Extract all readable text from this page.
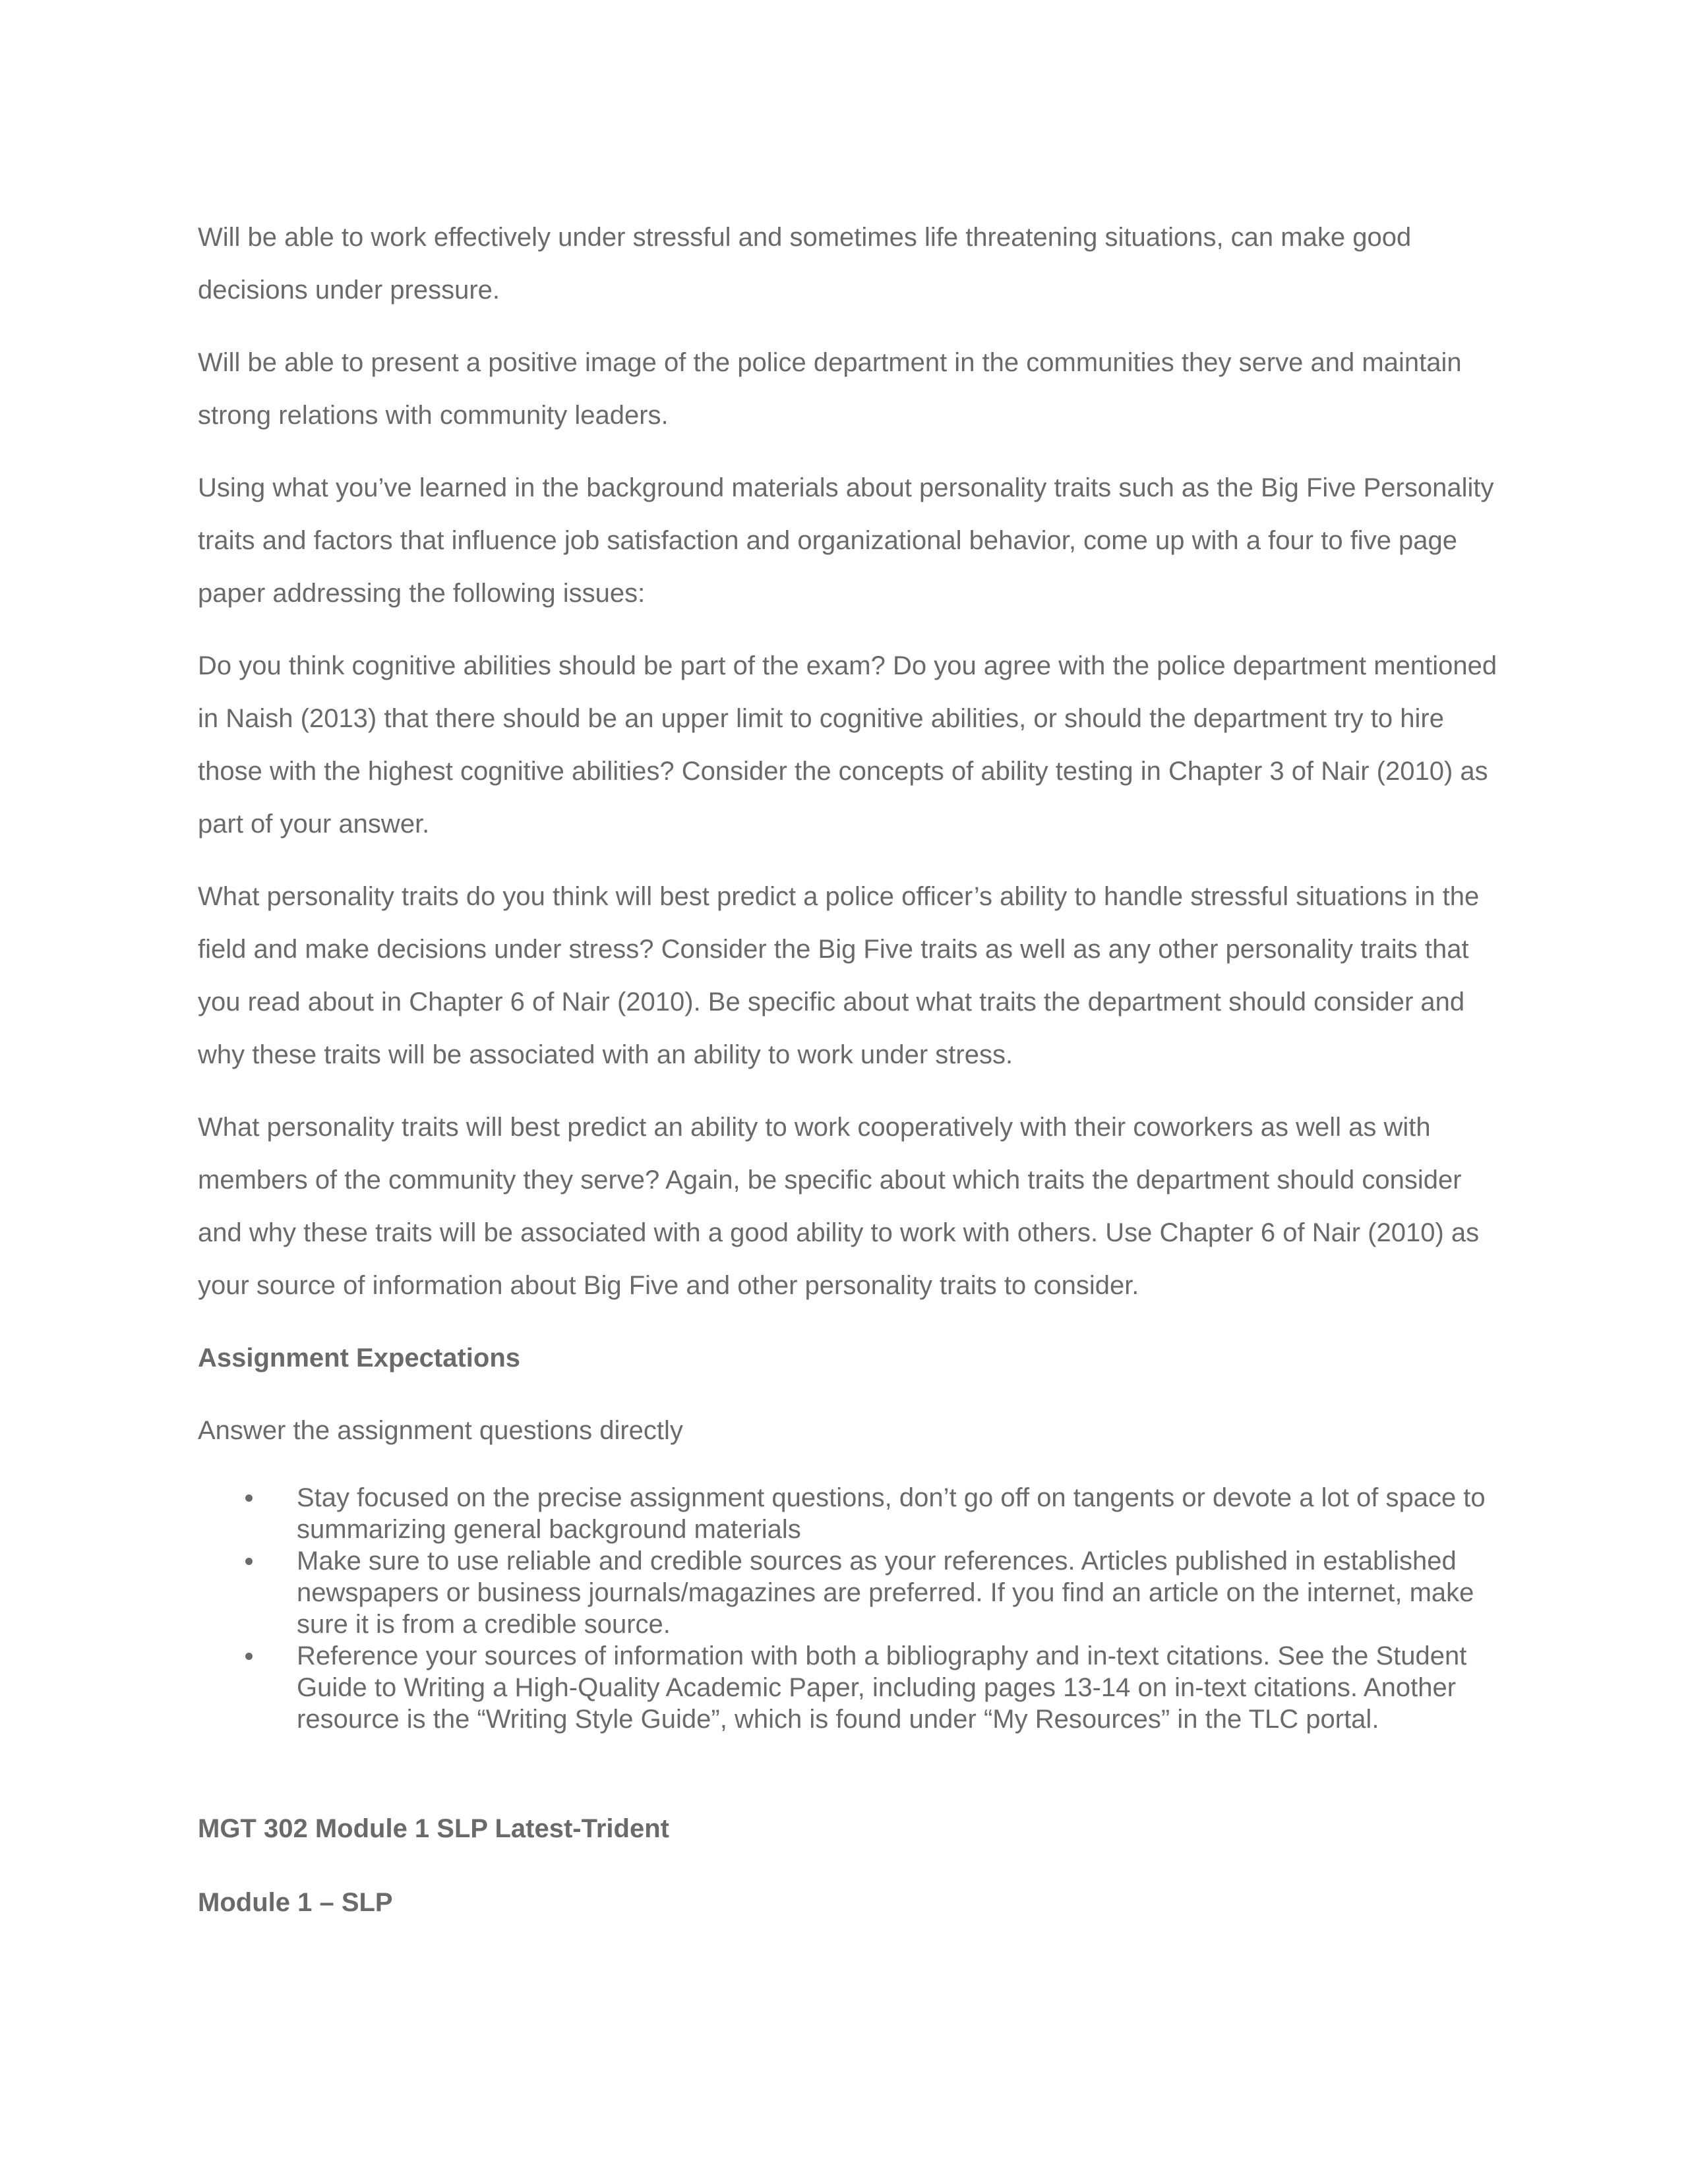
Will be able to work effectively under stressful and sometimes life threatening situations, can make good decisions under pressure.

Will be able to present a positive image of the police department in the communities they serve and maintain strong relations with community leaders.

Using what you’ve learned in the background materials about personality traits such as the Big Five Personality traits and factors that influence job satisfaction and organizational behavior, come up with a four to five page paper addressing the following issues:

Do you think cognitive abilities should be part of the exam? Do you agree with the police department mentioned in Naish (2013) that there should be an upper limit to cognitive abilities, or should the department try to hire those with the highest cognitive abilities? Consider the concepts of ability testing in Chapter 3 of Nair (2010) as part of your answer.

What personality traits do you think will best predict a police officer’s ability to handle stressful situations in the field and make decisions under stress? Consider the Big Five traits as well as any other personality traits that you read about in Chapter 6 of Nair (2010). Be specific about what traits the department should consider and why these traits will be associated with an ability to work under stress.

What personality traits will best predict an ability to work cooperatively with their coworkers as well as with members of the community they serve? Again, be specific about which traits the department should consider and why these traits will be associated with a good ability to work with others. Use Chapter 6 of Nair (2010) as your source of information about Big Five and other personality traits to consider.

Assignment Expectations

Answer the assignment questions directly

Stay focused on the precise assignment questions, don’t go off on tangents or devote a lot of space to summarizing general background materials
Make sure to use reliable and credible sources as your references. Articles published in established newspapers or business journals/magazines are preferred. If you find an article on the internet, make sure it is from a credible source.
Reference your sources of information with both a bibliography and in-text citations. See the Student Guide to Writing a High-Quality Academic Paper, including pages 13-14 on in-text citations. Another resource is the “Writing Style Guide”, which is found under “My Resources” in the TLC portal.
MGT 302 Module 1 SLP Latest-Trident
Module 1 – SLP
